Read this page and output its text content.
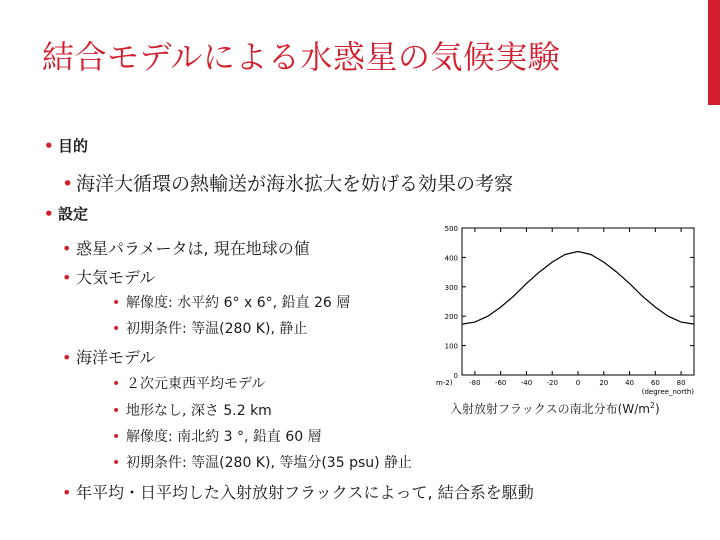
結合モデルによる水惑星の気候実験
• 目的
• 海洋大循環の熱輸送が海氷拡大を妨げる効果の考察
• 設定
• 惑星パラメータは, 現在地球の値
• 大気モデル
• 解像度: 水平約 6° x 6°, 鉛直 26 層
• 初期条件: 等温(280 K), 静止
• 海洋モデル
• ２次元東西平均モデル
• 地形なし, 深さ 5.2 km
• 解像度: 南北約 3 °, 鉛直 60 層
• 初期条件: 等温(280 K), 等塩分(35 psu) 静止
• 年平均・日平均した入射放射フラックスによって, 結合系を駆動
0
100
200
300
400
500
-80 -60 -40 -20	0	20 40 60 80
(degree_north)
m-2)
入射放射フラックスの南北分布$(W/m^2)$
